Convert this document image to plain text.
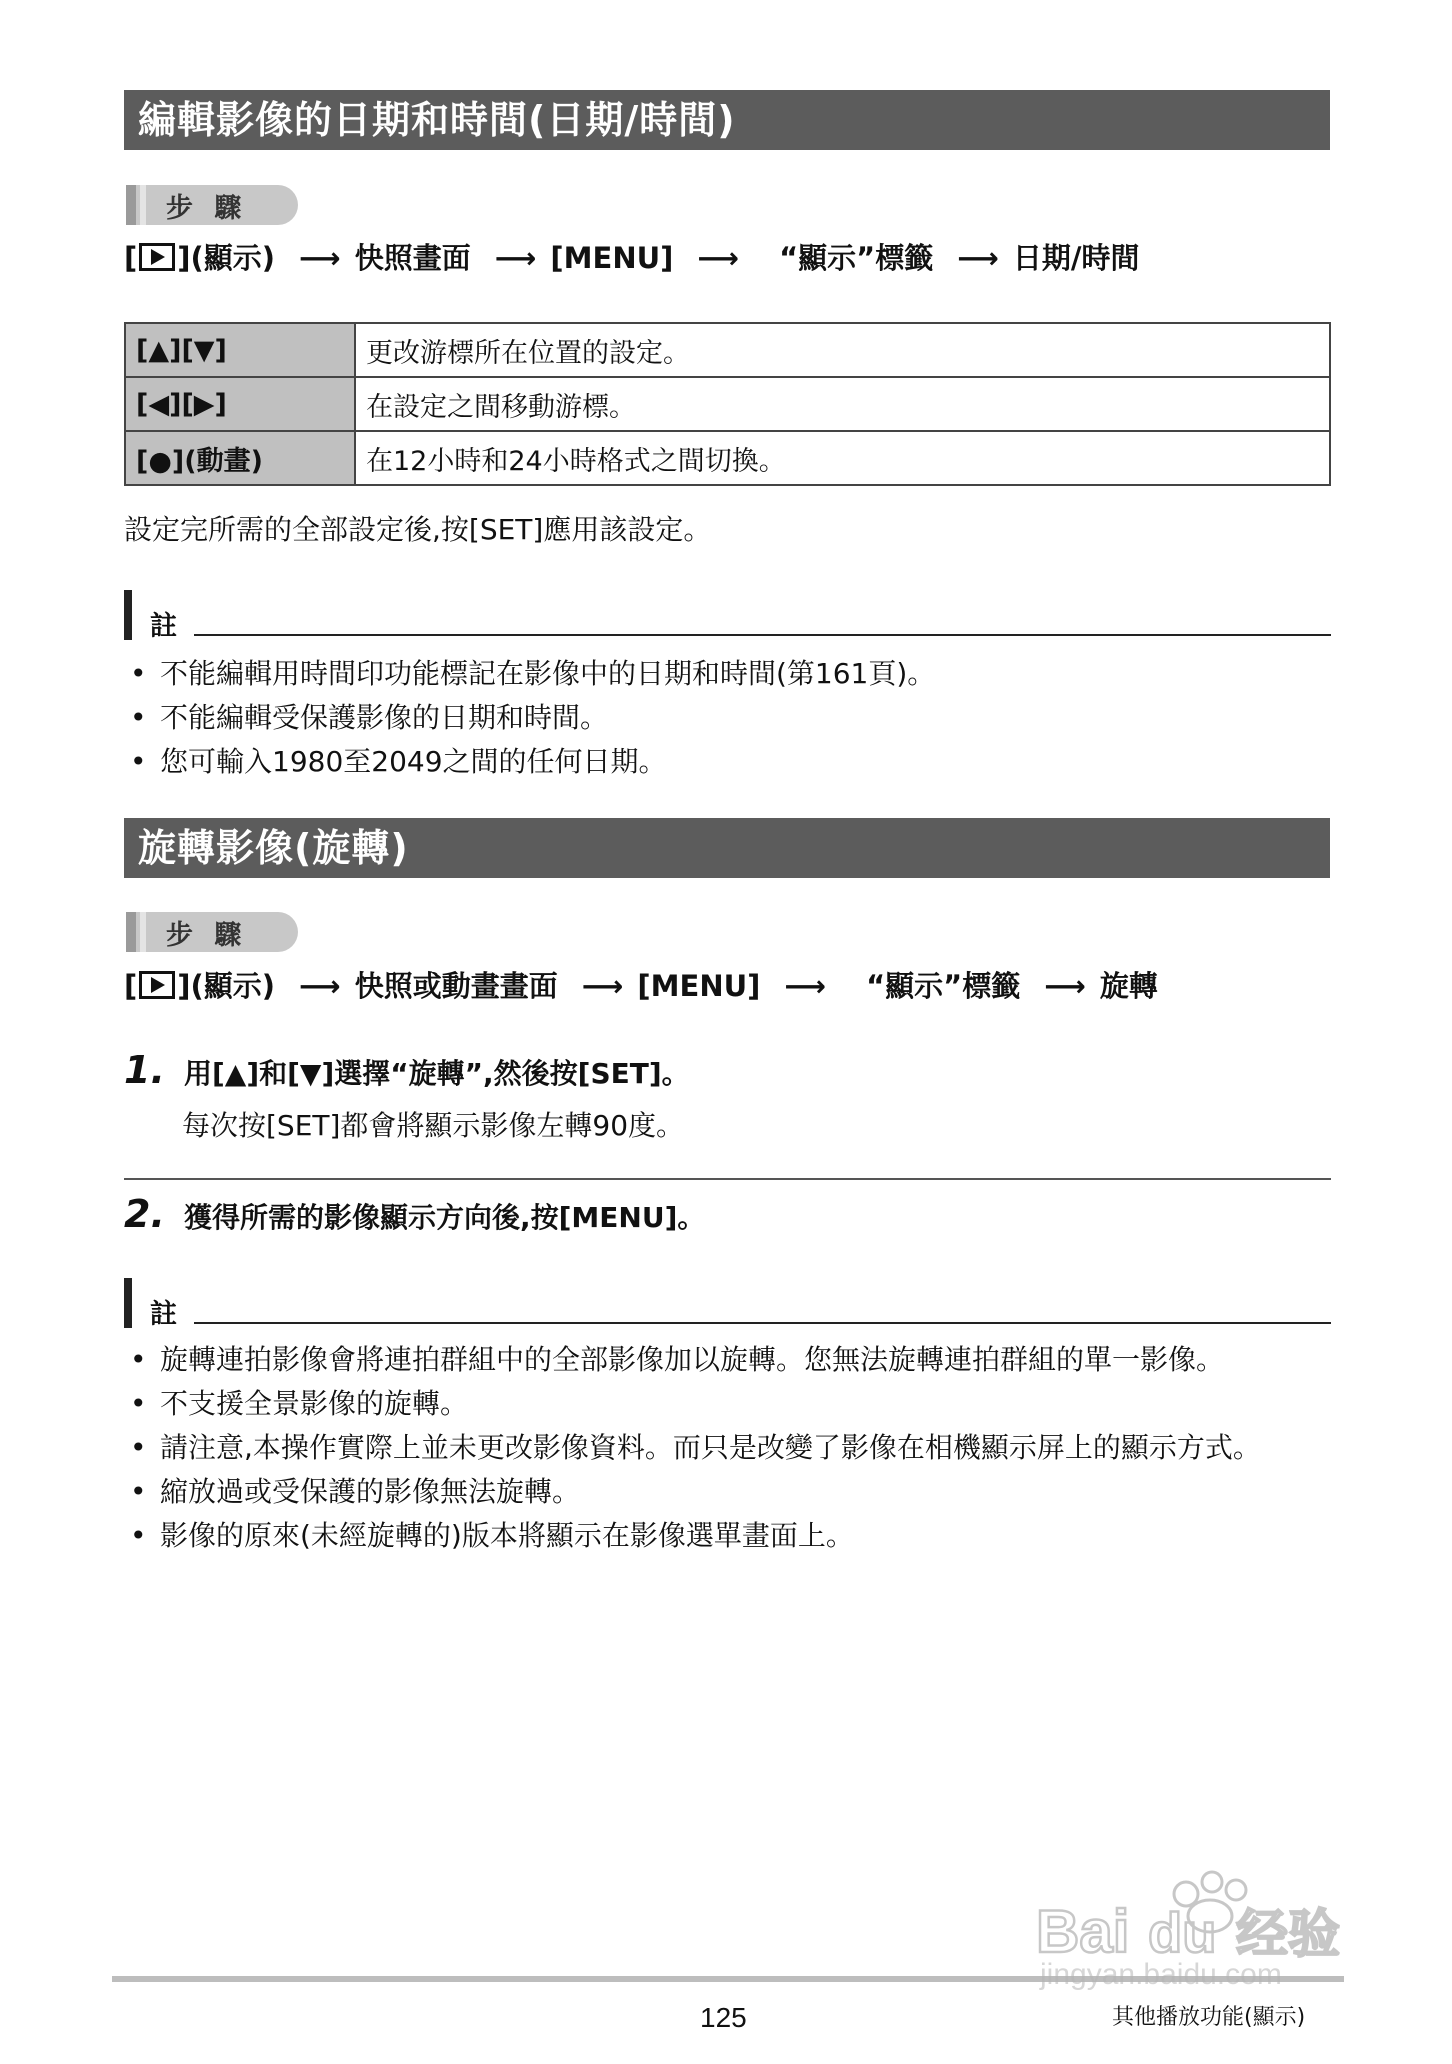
編輯影像的日期和時間(日期/時間)
步 驟
[ ](顯示) ⟶ 快照畫面 ⟶ [MENU] ⟶ “顯示”標籤 ⟶ 日期/時間
[▲][▼]	更改游標所在位置的設定。
[◀][▶]	在設定之間移動游標。
[●](動畫)	在12小時和24小時格式之間切換。
設定完所需的全部設定後,按[SET]應用該設定。
註
• 不能編輯用時間印功能標記在影像中的日期和時間(第161頁)。
• 不能編輯受保護影像的日期和時間。
• 您可輸入1980至2049之間的任何日期。
旋轉影像(旋轉)
步 驟
[ ](顯示) ⟶ 快照或動畫畫面 ⟶ [MENU] ⟶ “顯示”標籤 ⟶ 旋轉
1. 用[▲]和[▼]選擇“旋轉”,然後按[SET]。
每次按[SET]都會將顯示影像左轉90度。
2. 獲得所需的影像顯示方向後,按[MENU]。
註
• 旋轉連拍影像會將連拍群組中的全部影像加以旋轉。您無法旋轉連拍群組的單一影像。
• 不支援全景影像的旋轉。
• 請注意,本操作實際上並未更改影像資料。而只是改變了影像在相機顯示屏上的顯示方式。
• 縮放過或受保護的影像無法旋轉。
• 影像的原來(未經旋轉的)版本將顯示在影像選單畫面上。
125	其他播放功能(顯示)
Bai du 经验
jingyan.baidu.com
